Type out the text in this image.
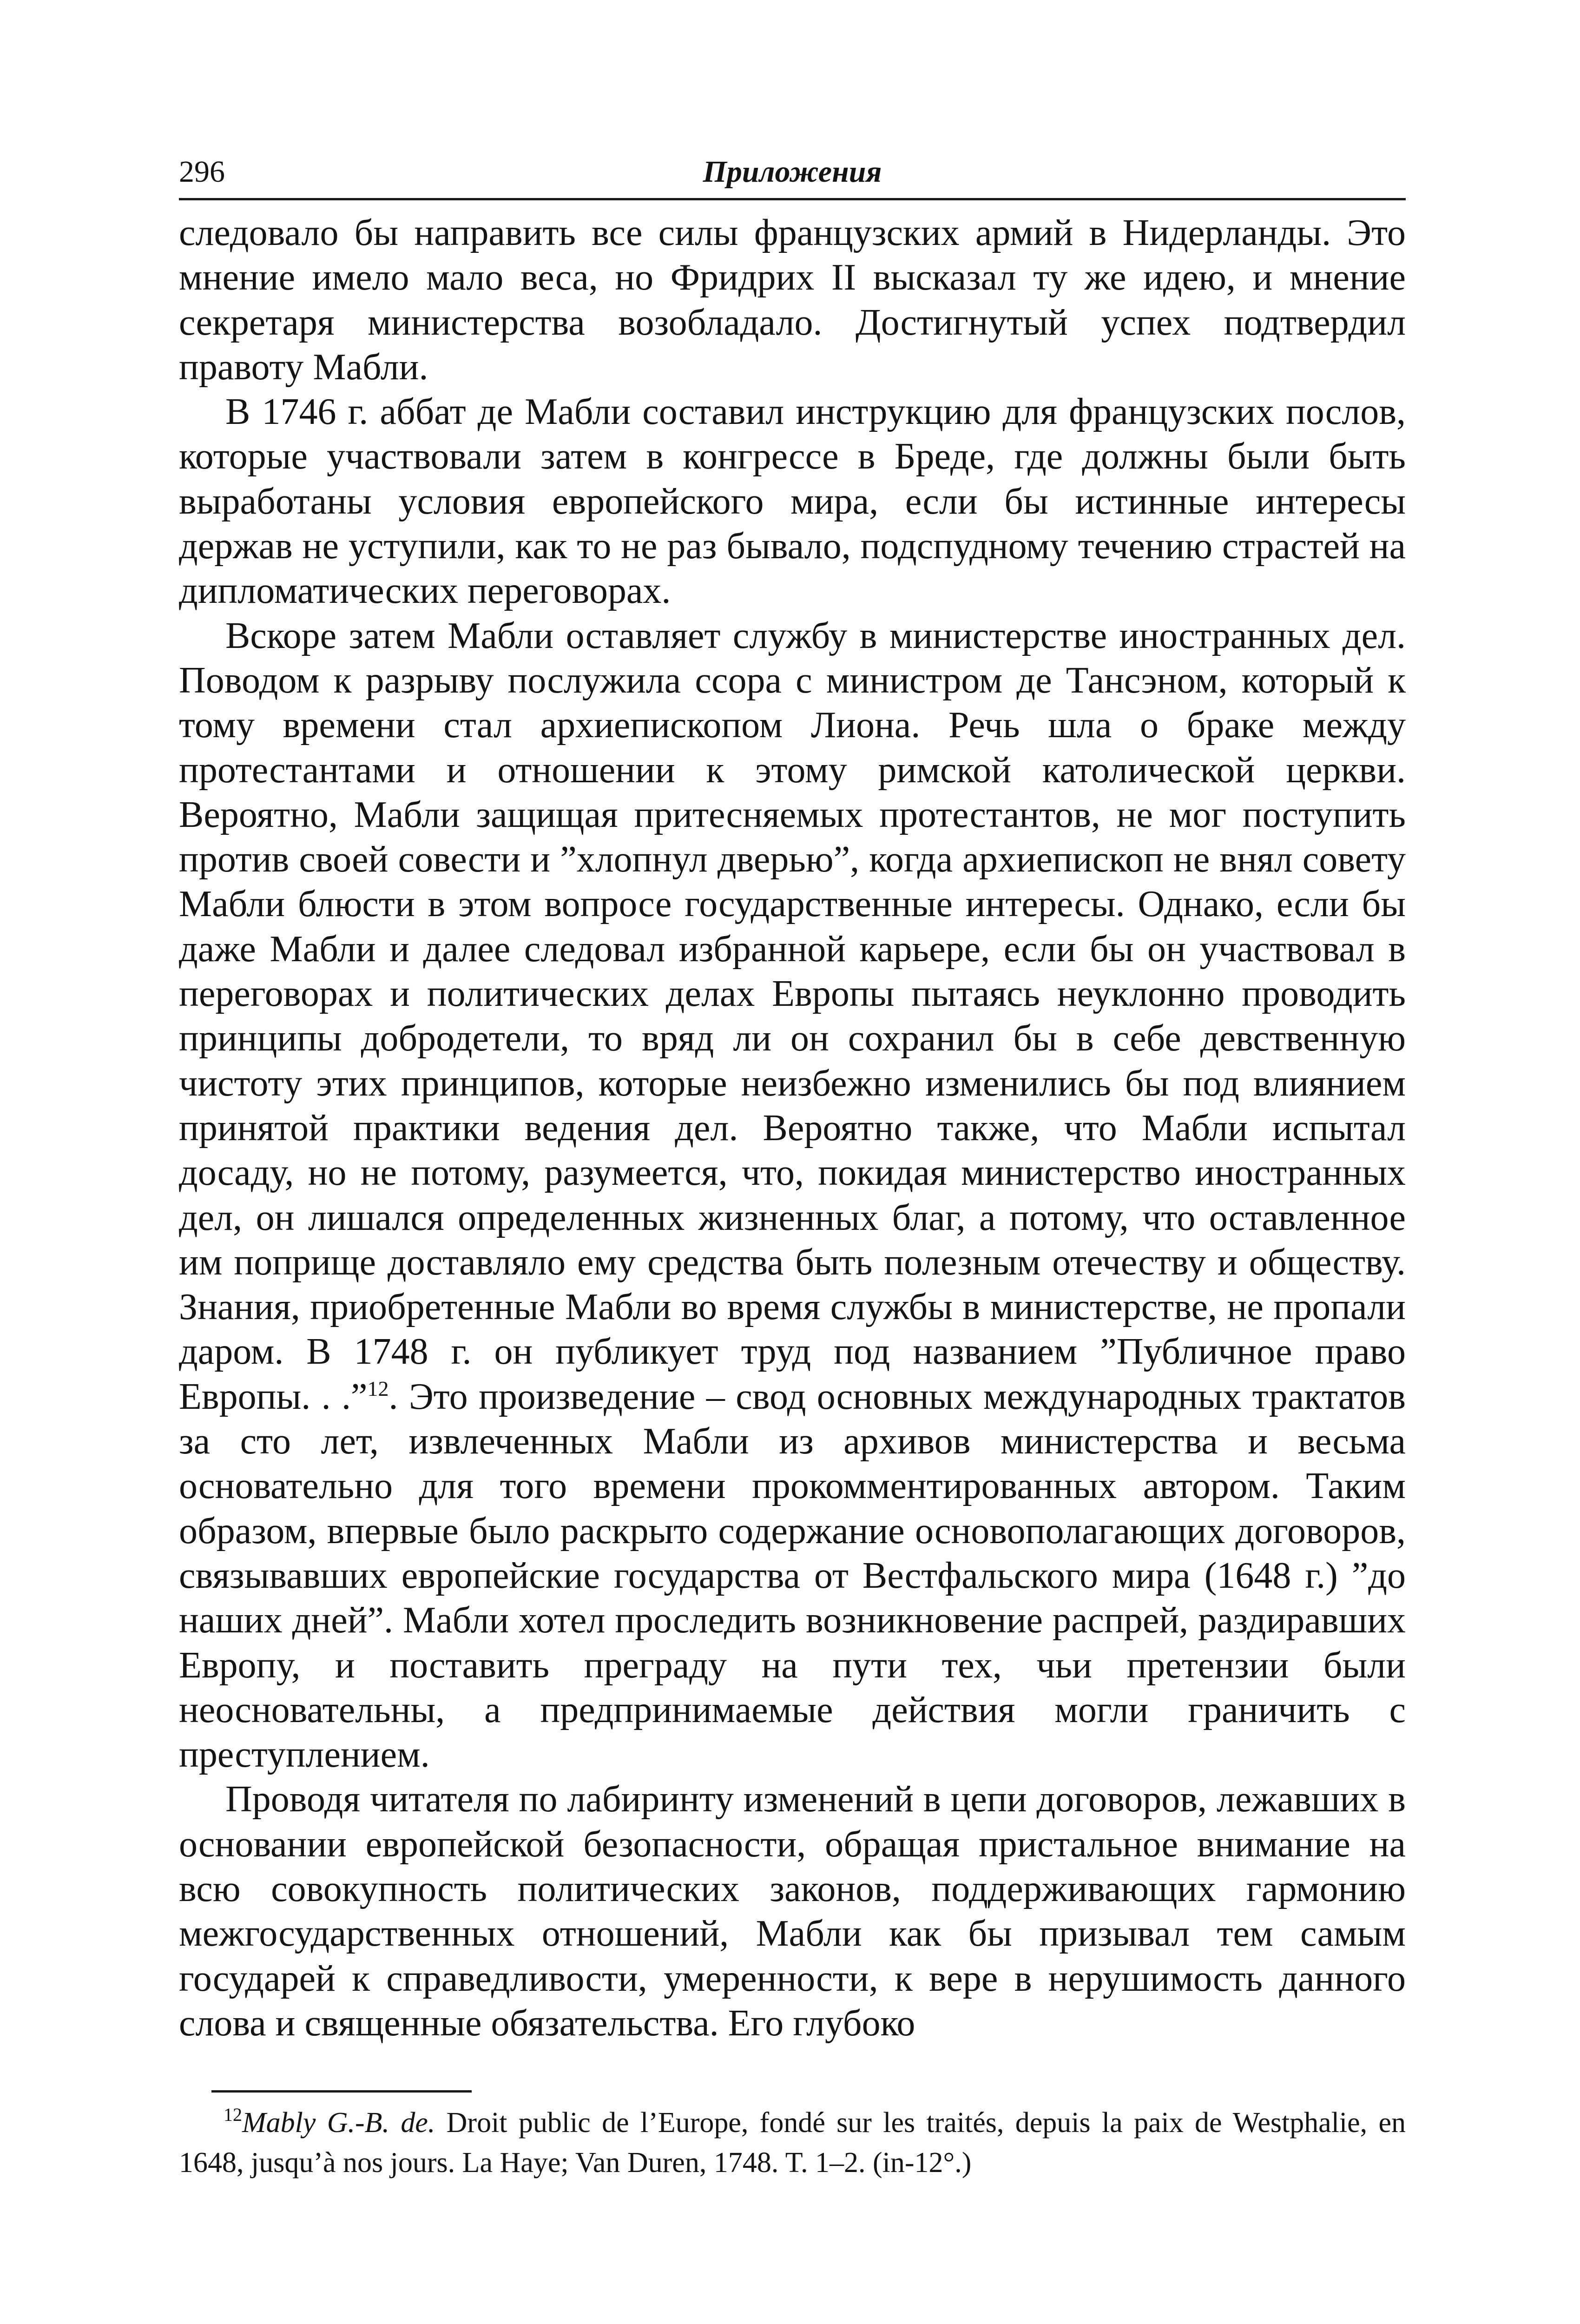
296	Приложения

следовало бы направить все силы французских армий в Нидерланды. Это мнение имело мало веса, но Фридрих II высказал ту же идею, и мнение секретаря министерства возобладало. Достигнутый успех подтвердил правоту Мабли.

В 1746 г. аббат де Мабли составил инструкцию для французских послов, которые участвовали затем в конгрессе в Бреде, где должны были быть выработаны условия европейского мира, если бы истинные интересы держав не уступили, как то не раз бывало, подспудному течению страстей на дипломатических переговорах.

Вскоре затем Мабли оставляет службу в министерстве иностранных дел. Поводом к разрыву послужила ссора с министром де Тансэном, который к тому времени стал архиепископом Лиона. Речь шла о браке между протестантами и отношении к этому римской католической церкви. Вероятно, Мабли защищая притесняемых протестантов, не мог поступить против своей совести и ”хлопнул дверью”, когда архиепископ не внял совету Мабли блюсти в этом вопросе государственные интересы. Однако, если бы даже Мабли и далее следовал избранной карьере, если бы он участвовал в переговорах и политических делах Европы пытаясь неуклонно проводить принципы добродетели, то вряд ли он сохранил бы в себе девственную чистоту этих принципов, которые неизбежно изменились бы под влиянием принятой практики ведения дел. Вероятно также, что Мабли испытал досаду, но не потому, разумеется, что, покидая министерство иностранных дел, он лишался определенных жизненных благ, а потому, что оставленное им поприще доставляло ему средства быть полезным отечеству и обществу. Знания, приобретенные Мабли во время службы в министерстве, не пропали даром. В 1748 г. он публикует труд под названием ”Публичное право Европы. . .”$^{12}$. Это произведение – свод основных международных трактатов за сто лет, извлеченных Мабли из архивов министерства и весьма основательно для того времени прокомментированных автором. Таким образом, впервые было раскрыто содержание основополагающих договоров, связывавших европейские государства от Вестфальского мира (1648 г.) ”до наших дней”. Мабли хотел проследить возникновение распрей, раздиравших Европу, и поставить преграду на пути тех, чьи претензии были неосновательны, а предпринимаемые действия могли граничить с преступлением.

Проводя читателя по лабиринту изменений в цепи договоров, лежавших в основании европейской безопасности, обращая пристальное внимание на всю совокупность политических законов, поддерживающих гармонию межгосударственных отношений, Мабли как бы призывал тем самым государей к справедливости, умеренности, к вере в нерушимость данного слова и священные обязательства. Его глубоко

$^{12}$Mably G.-B. de. Droit public de l’Europe, fondé sur les traités, depuis la paix de Westphalie, en 1648, jusqu’à nos jours. La Haye; Van Duren, 1748. T. 1–2. (in-12°.)
